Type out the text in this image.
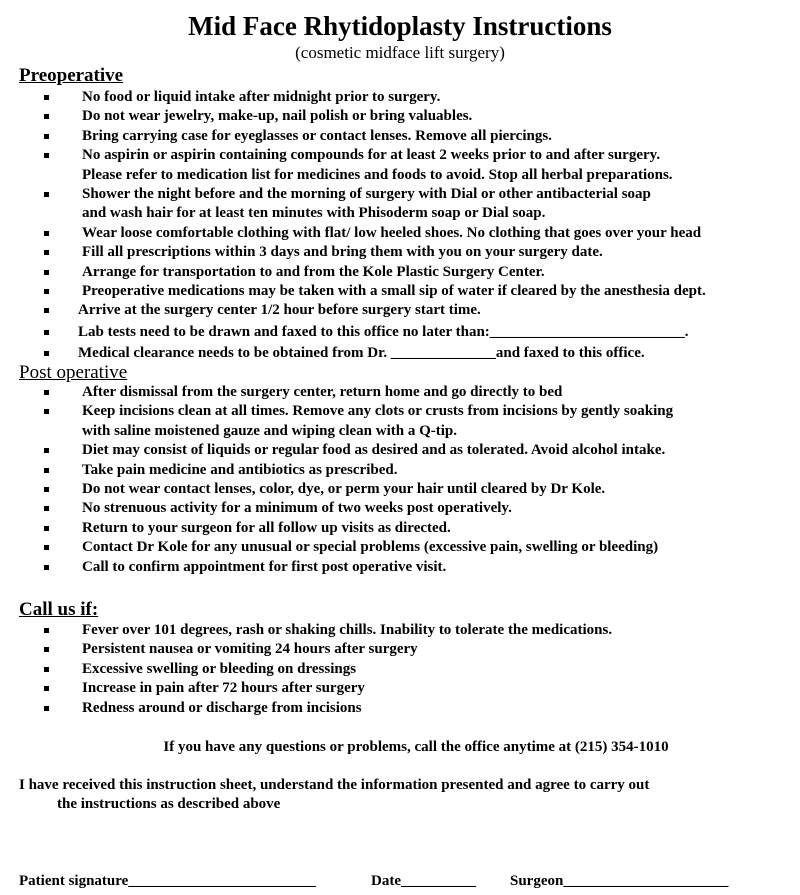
Mid Face Rhytidoplasty Instructions
(cosmetic midface lift surgery)
Preoperative
No food or liquid intake after midnight prior to surgery.
Do not wear jewelry, make-up, nail polish or bring valuables.
Bring carrying case for eyeglasses or contact lenses. Remove all piercings.
No aspirin or aspirin containing compounds for at least 2 weeks prior to and after surgery.
Please refer to medication list for medicines and foods to avoid. Stop all herbal preparations.
Shower the night before and the morning of surgery with Dial or other antibacterial soap
and wash hair for at least ten minutes with Phisoderm soap or Dial soap.
Wear loose comfortable clothing with flat/ low heeled shoes. No clothing that goes over your head
Fill all prescriptions within 3 days and bring them with you on your surgery date.
Arrange for transportation to and from the Kole Plastic Surgery Center.
Preoperative medications may be taken with a small sip of water if cleared by the anesthesia dept.
Arrive at the surgery center 1/2 hour before surgery start time.
Lab tests need to be drawn and faxed to this office no later than:__________________________.
Medical clearance needs to be obtained from Dr. ______________and faxed to this office.
Post operative
After dismissal from the surgery center, return home and go directly to bed
Keep incisions clean at all times. Remove any clots or crusts from incisions by gently soaking
with saline moistened gauze and wiping clean with a Q-tip.
Diet may consist of liquids or regular food as desired and as tolerated. Avoid alcohol intake.
Take pain medicine and antibiotics as prescribed.
Do not wear contact lenses, color, dye, or perm your hair until cleared by Dr Kole.
No strenuous activity for a minimum of two weeks post operatively.
Return to your surgeon for all follow up visits as directed.
Contact Dr Kole for any unusual or special problems (excessive pain, swelling or bleeding)
Call to confirm appointment for first post operative visit.
Call us if:
Fever over 101 degrees, rash or shaking chills. Inability to tolerate the medications.
Persistent nausea or vomiting 24 hours after surgery
Excessive swelling or bleeding on dressings
Increase in pain after 72 hours after surgery
Redness around or discharge from incisions
If you have any questions or problems, call the office anytime at (215) 354-1010
I have received this instruction sheet, understand the information presented and agree to carry out
the instructions as described above
Patient signature_________________________	Date__________ Surgeon______________________
